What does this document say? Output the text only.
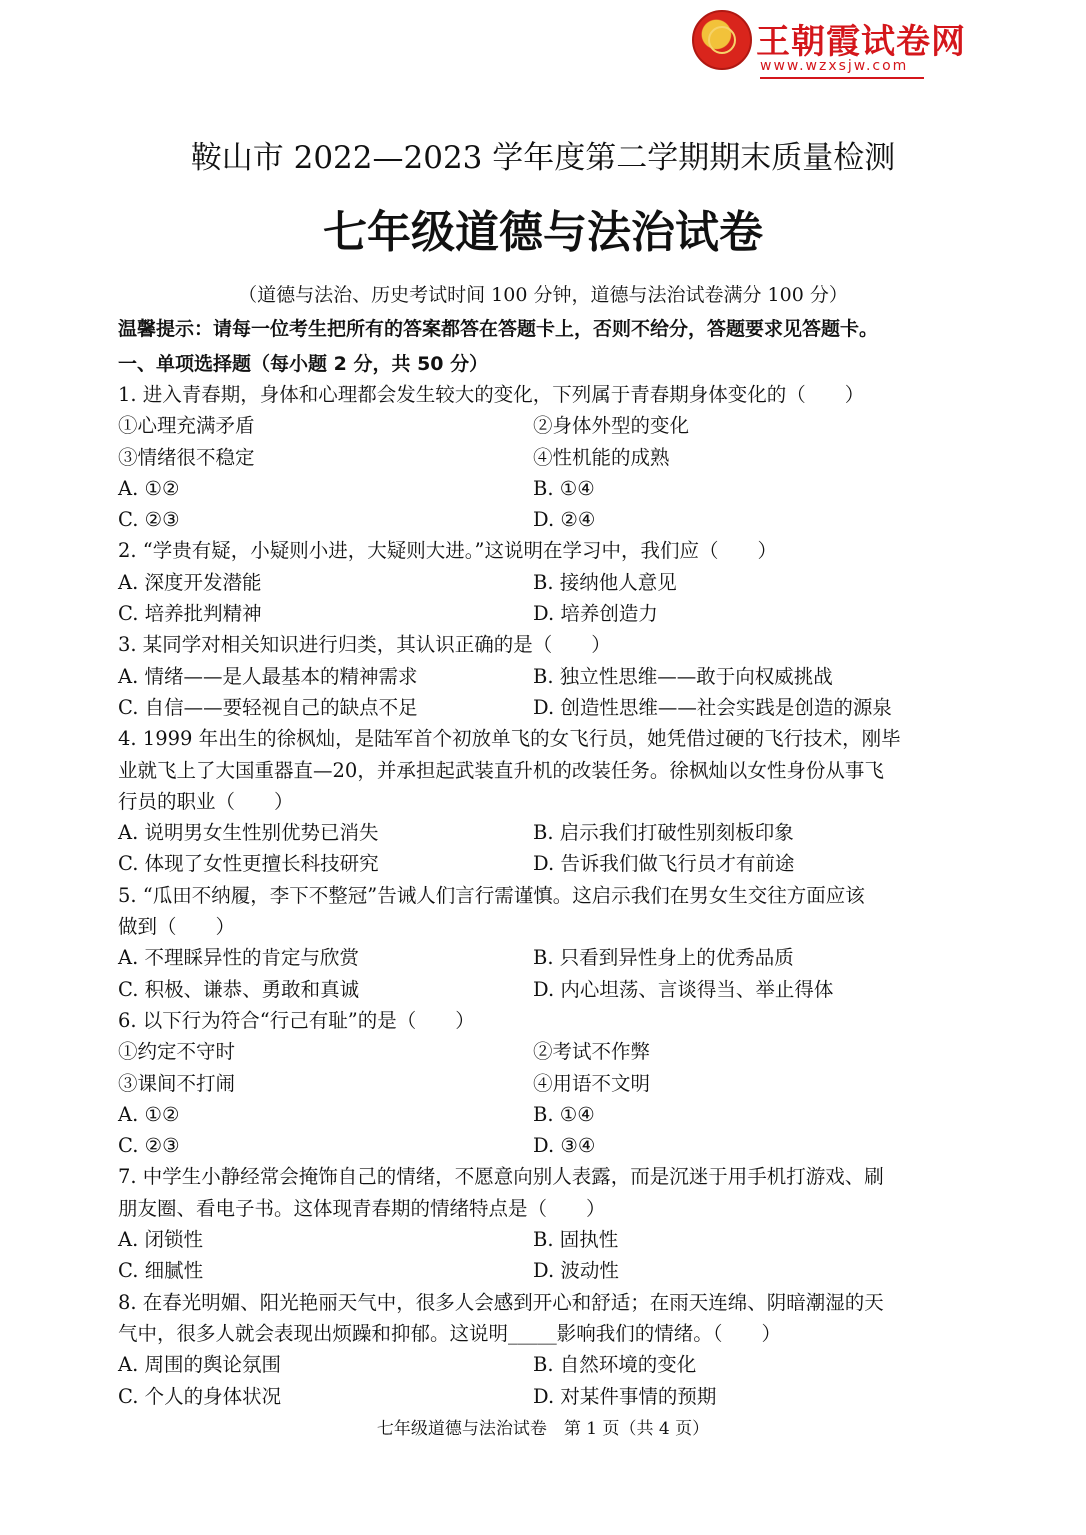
王朝霞试卷网
www.wzxsjw.com
鞍山市 2022—2023 学年度第二学期期末质量检测
七年级道德与法治试卷
（道德与法治、历史考试时间 100 分钟，道德与法治试卷满分 100 分）
温馨提示：请每一位考生把所有的答案都答在答题卡上，否则不给分，答题要求见答题卡。
一、单项选择题（每小题 2 分，共 50 分）
1. 进入青春期，身体和心理都会发生较大的变化，下列属于青春期身体变化的（　　）
①心理充满矛盾	②身体外型的变化
③情绪很不稳定	④性机能的成熟
A. ①②	B. ①④
C. ②③	D. ②④
2. “学贵有疑，小疑则小进，大疑则大进。”这说明在学习中，我们应（　　）
A. 深度开发潜能	B. 接纳他人意见
C. 培养批判精神	D. 培养创造力
3. 某同学对相关知识进行归类，其认识正确的是（　　）
A. 情绪——是人最基本的精神需求	B. 独立性思维——敢于向权威挑战
C. 自信——要轻视自己的缺点不足	D. 创造性思维——社会实践是创造的源泉
4. 1999 年出生的徐枫灿，是陆军首个初放单飞的女飞行员，她凭借过硬的飞行技术，刚毕
业就飞上了大国重器直—20，并承担起武装直升机的改装任务。徐枫灿以女性身份从事飞
行员的职业（　　）
A. 说明男女生性别优势已消失	B. 启示我们打破性别刻板印象
C. 体现了女性更擅长科技研究	D. 告诉我们做飞行员才有前途
5. “瓜田不纳履，李下不整冠”告诫人们言行需谨慎。这启示我们在男女生交往方面应该
做到（　　）
A. 不理睬异性的肯定与欣赏	B. 只看到异性身上的优秀品质
C. 积极、谦恭、勇敢和真诚	D. 内心坦荡、言谈得当、举止得体
6. 以下行为符合“行己有耻”的是（　　）
①约定不守时	②考试不作弊
③课间不打闹	④用语不文明
A. ①②	B. ①④
C. ②③	D. ③④
7. 中学生小静经常会掩饰自己的情绪，不愿意向别人表露，而是沉迷于用手机打游戏、刷
朋友圈、看电子书。这体现青春期的情绪特点是（　　）
A. 闭锁性	B. 固执性
C. 细腻性	D. 波动性
8. 在春光明媚、阳光艳丽天气中，很多人会感到开心和舒适；在雨天连绵、阴暗潮湿的天
气中，很多人就会表现出烦躁和抑郁。这说明_____影响我们的情绪。（　　）
A. 周围的舆论氛围	B. 自然环境的变化
C. 个人的身体状况	D. 对某件事情的预期
七年级道德与法治试卷　第 1 页（共 4 页）
